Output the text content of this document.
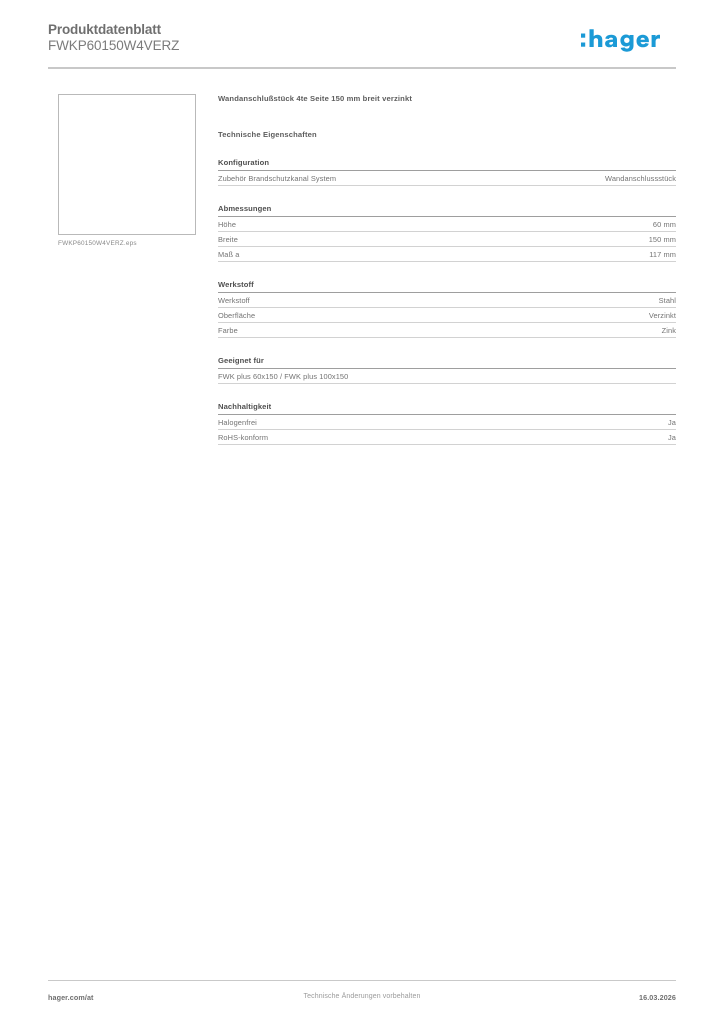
Produktdatenblatt
FWKP60150W4VERZ
FWKP60150W4VERZ.eps
Wandanschlußstück 4te Seite 150 mm breit verzinkt
Technische Eigenschaften
Konfiguration
Zubehör Brandschutzkanal System	Wandanschlussstück
Abmessungen
Höhe	60 mm
Breite	150 mm
Maß a	117 mm
Werkstoff
Werkstoff	Stahl
Oberfläche	Verzinkt
Farbe	Zink
Geeignet für
FWK plus 60x150 / FWK plus 100x150
Nachhaltigkeit
Halogenfrei	Ja
RoHS-konform	Ja
hager.com/at	Technische Änderungen vorbehalten	16.03.2026
